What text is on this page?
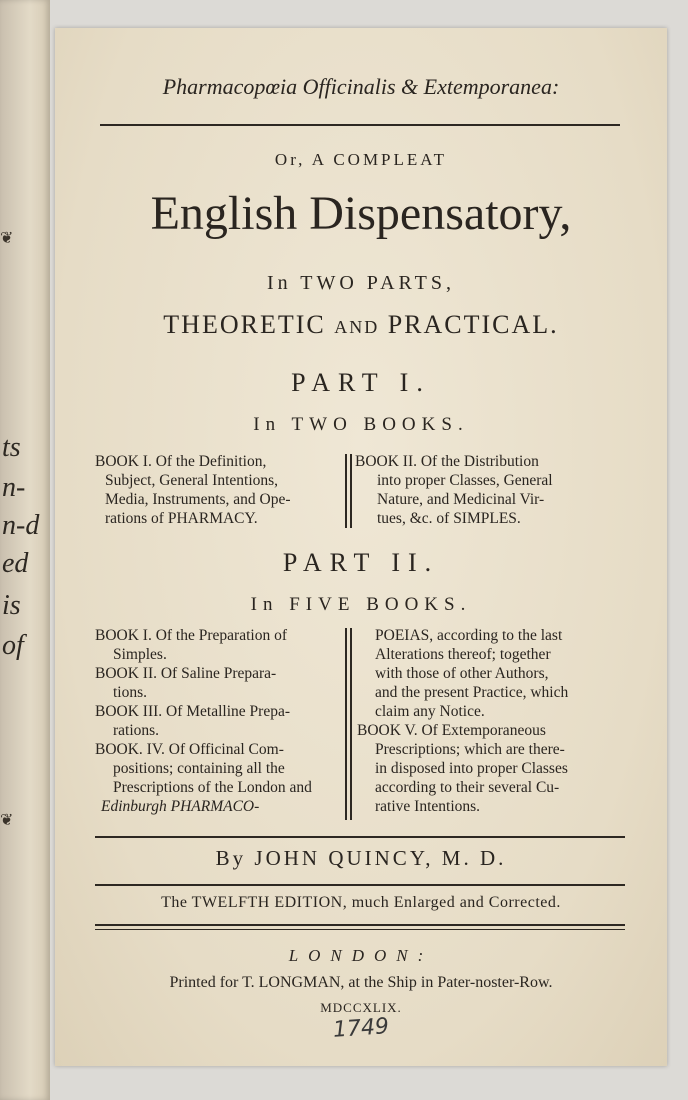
ts
n-
n-d
ed
is
of
❦
❦
Pharmacopœia Officinalis & Extemporanea:
Or, A COMPLEAT
English Dispensatory,
In TWO PARTS,
THEORETIC and PRACTICAL.
PART I.
In TWO BOOKS.
BOOK I. Of the Definition,
Subject, General Intentions,
Media, Instruments, and Ope-
rations of PHARMACY.
BOOK II. Of the Distribution
into proper Classes, General
Nature, and Medicinal Vir-
tues, &c. of SIMPLES.
PART II.
In FIVE BOOKS.
BOOK I. Of the Preparation of
Simples.
BOOK II. Of Saline Prepara-
tions.
BOOK III. Of Metalline Prepa-
rations.
BOOK. IV. Of Officinal Com-
positions; containing all the
Prescriptions of the London and
Edinburgh PHARMACO-
POEIAS, according to the last
Alterations thereof; together
with those of other Authors,
and the present Practice, which
claim any Notice.
BOOK V. Of Extemporaneous
Prescriptions; which are there-
in disposed into proper Classes
according to their several Cu-
rative Intentions.
By JOHN QUINCY, M. D.
The TWELFTH EDITION, much Enlarged and Corrected.
LONDON:
Printed for T. LONGMAN, at the Ship in Pater-noster-Row.
MDCCXLIX.
1749
